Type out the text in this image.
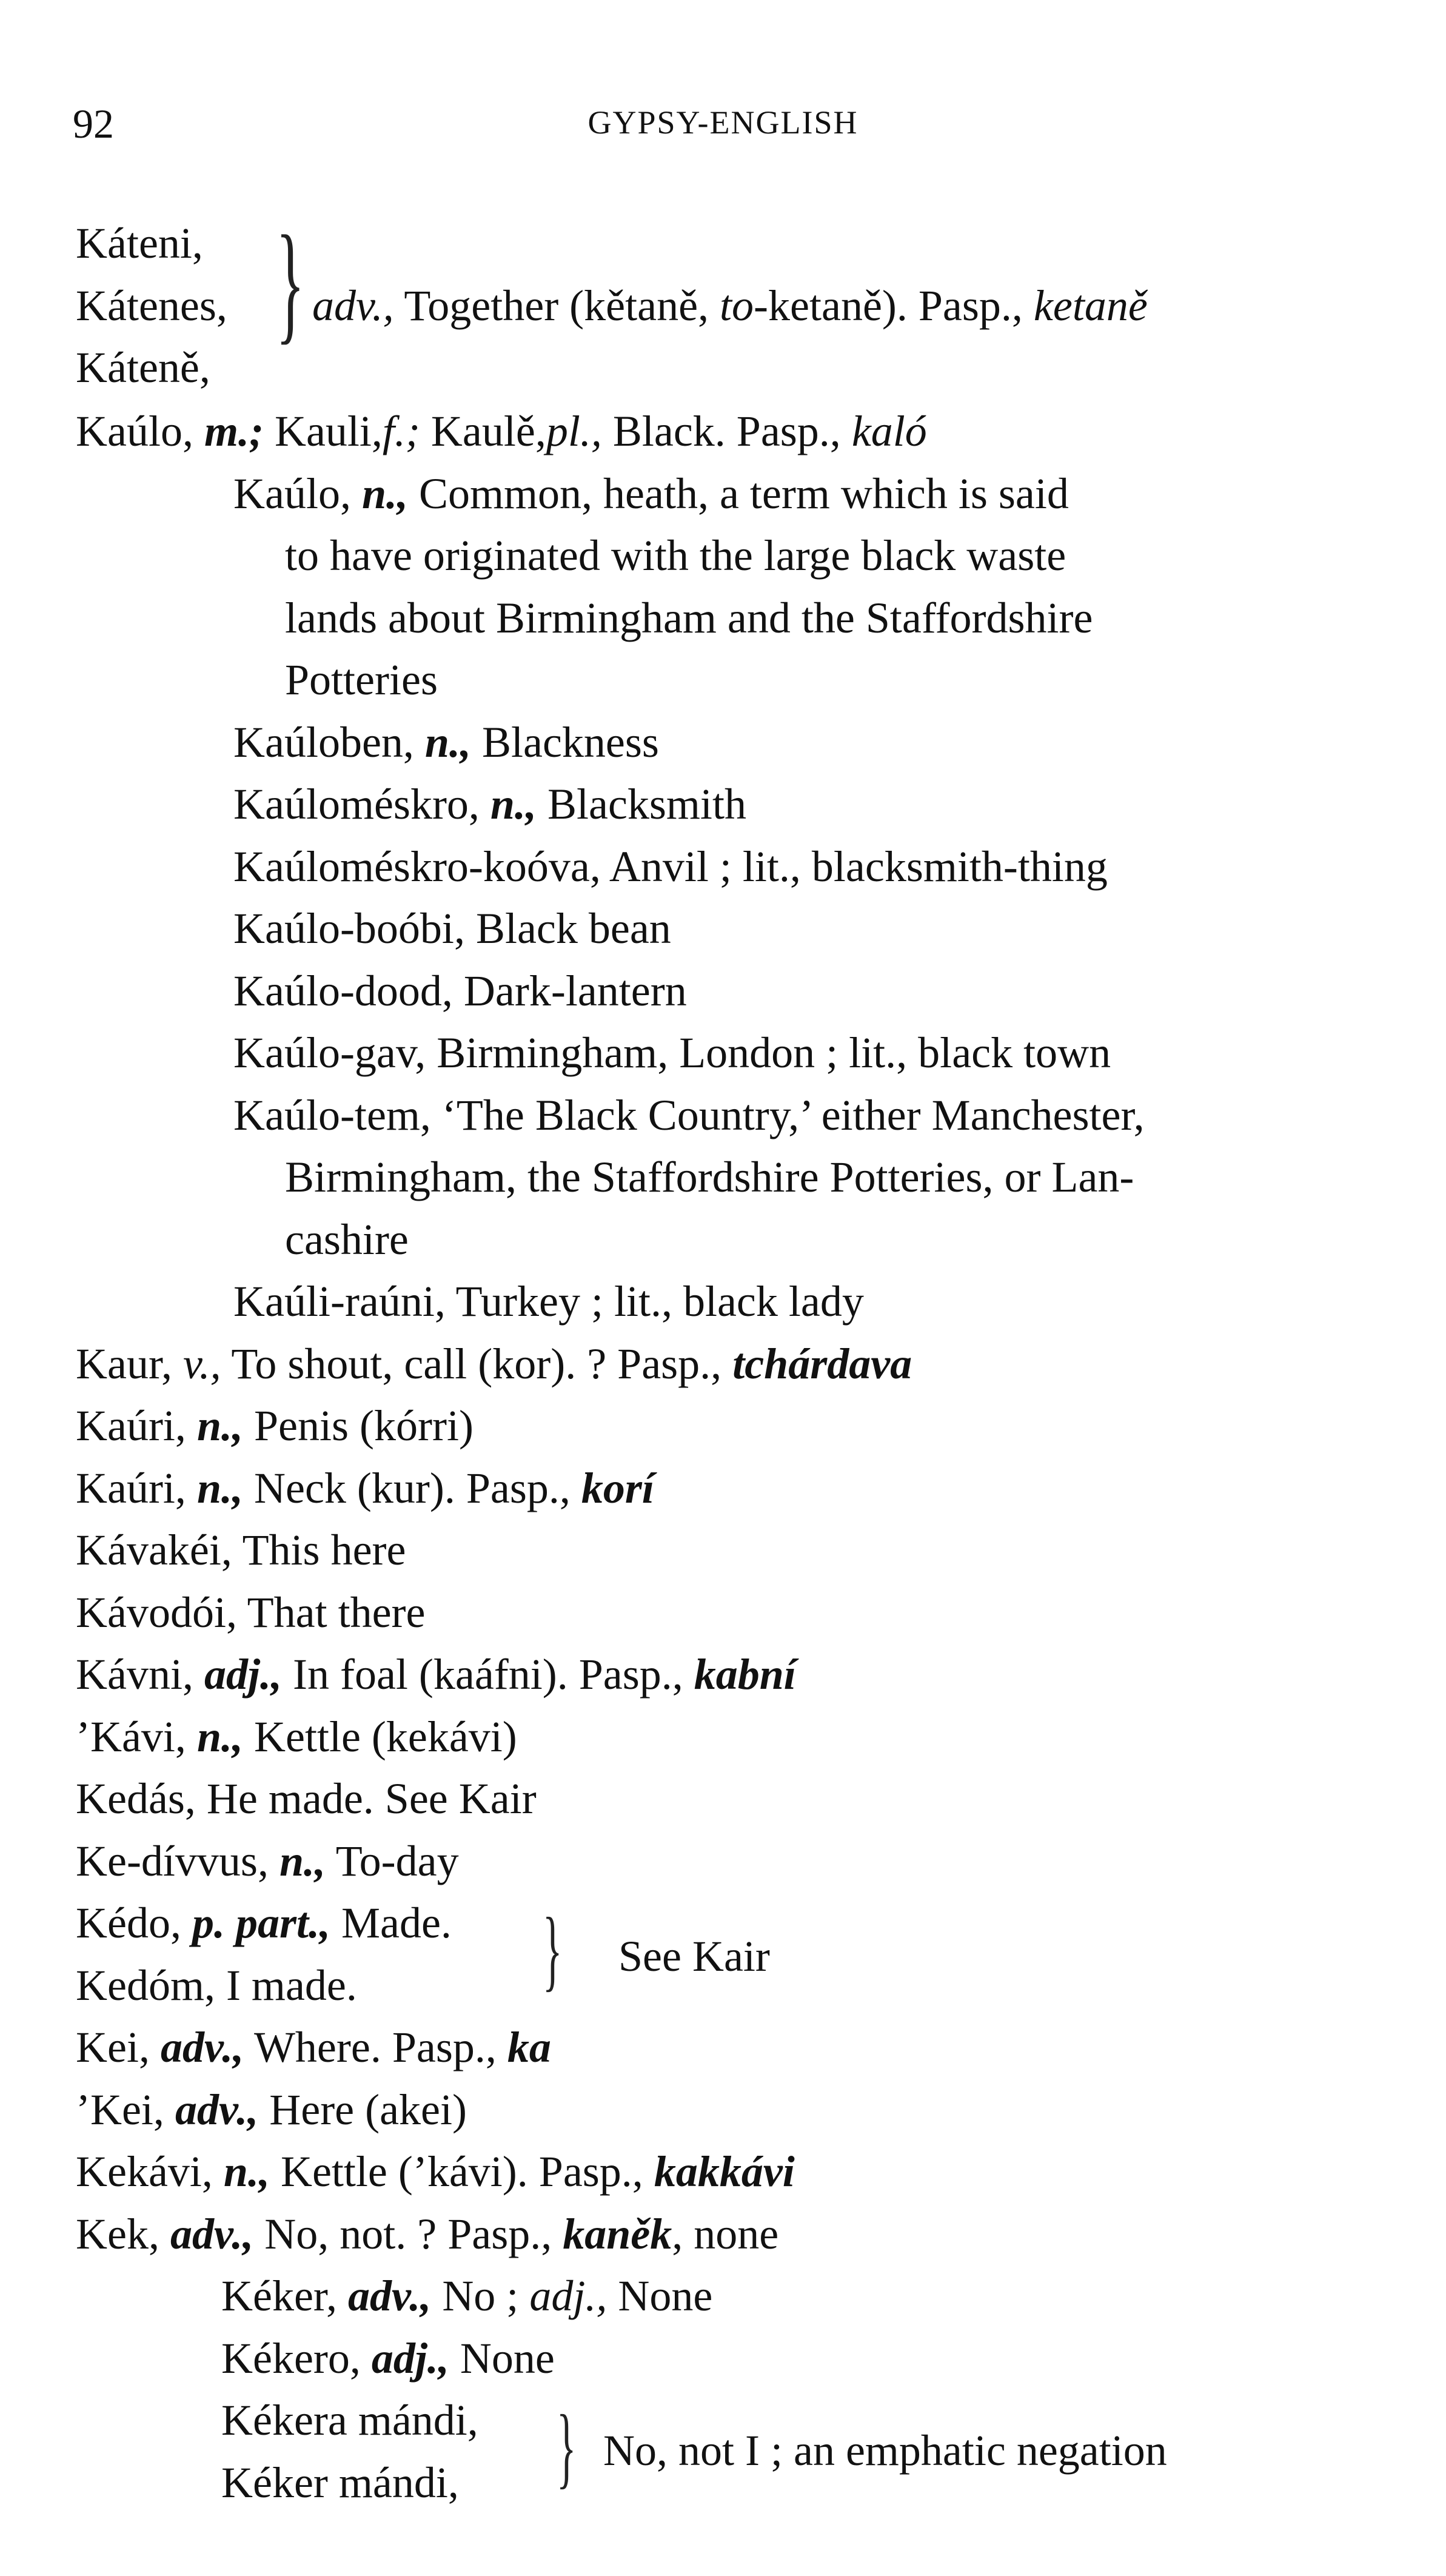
92	GYPSY-ENGLISH
Káteni,
Kátenes,
Káteně,
} adv., Together (kětaně, to-ketaně). Pasp., ketaně
Kaúlo, m.; Kauli,f.; Kaulě,pl., Black. Pasp., kaló
Kaúlo, n., Common, heath, a term which is said
to have originated with the large black waste
lands about Birmingham and the Staffordshire
Potteries
Kaúloben, n., Blackness
Kaúloméskro, n., Blacksmith
Kaúloméskro-koóva, Anvil ; lit., blacksmith-thing
Kaúlo-boóbi, Black bean
Kaúlo-dood, Dark-lantern
Kaúlo-gav, Birmingham, London ; lit., black town
Kaúlo-tem, ‘The Black Country,’ either Manchester,
Birmingham, the Staffordshire Potteries, or Lan-
cashire
Kaúli-raúni, Turkey ; lit., black lady
Kaur, v., To shout, call (kor). ? Pasp., tchárdava
Kaúri, n., Penis (kórri)
Kaúri, n., Neck (kur). Pasp., korí
Kávakéi, This here
Kávodói, That there
Kávni, adj., In foal (kaáfni). Pasp., kabní
’Kávi, n., Kettle (kekávi)
Kedás, He made. See Kair
Ke-dívvus, n., To-day
Kédo, p. part., Made.
Kedóm, I made. } See Kair
Kei, adv., Where. Pasp., ka
’Kei, adv., Here (akei)
Kekávi, n., Kettle (’kávi). Pasp., kakkávi
Kek, adv., No, not. ? Pasp., kaněk, none
Kéker, adv., No ; adj., None
Kékero, adj., None
Kékera mándi,
Kéker mándi, } No, not I ; an emphatic negation
